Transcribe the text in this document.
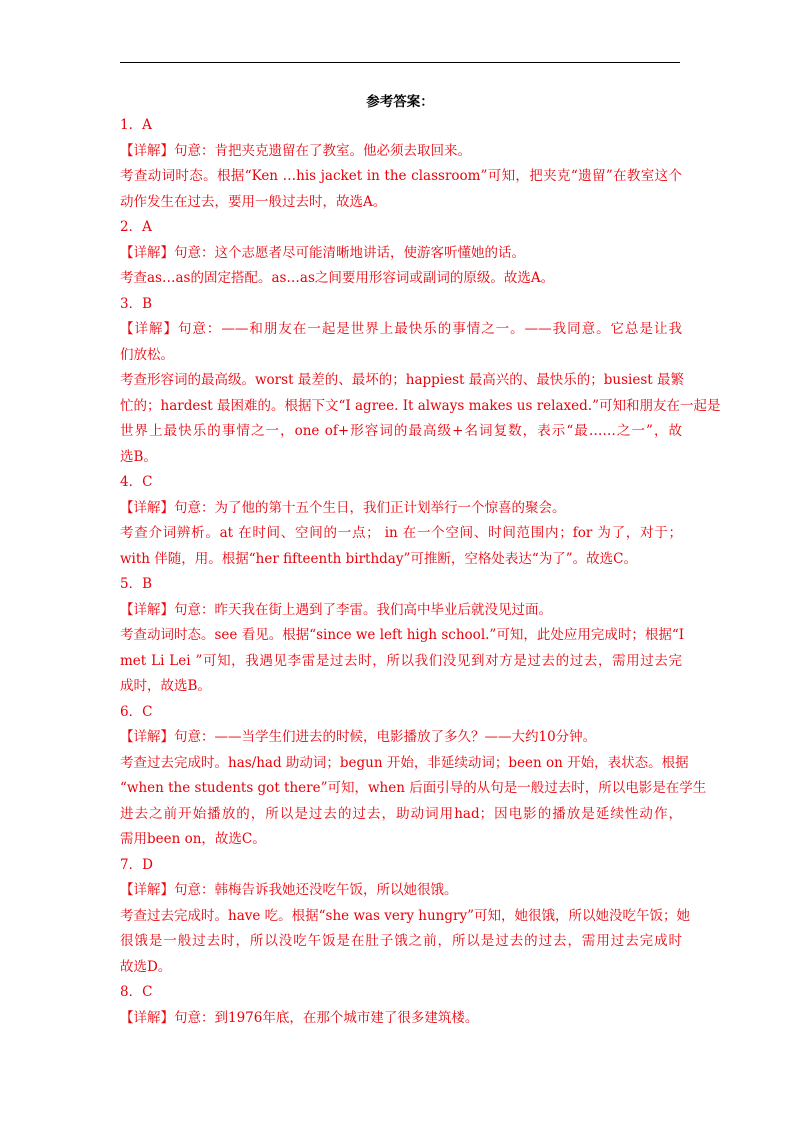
参考答案：
1．A
【详解】句意：肯把夹克遗留在了教室。他必须去取回来。
考查动词时态。根据“Ken …his jacket in the classroom”可知，把夹克“遗留”在教室这个
动作发生在过去，要用一般过去时，故选A。
2．A
【详解】句意：这个志愿者尽可能清晰地讲话，使游客听懂她的话。
考查as…as的固定搭配。as…as之间要用形容词或副词的原级。故选A。
3．B
【详解】句意：——和朋友在一起是世界上最快乐的事情之一。——我同意。它总是让我
们放松。
考查形容词的最高级。worst 最差的、最坏的；happiest 最高兴的、最快乐的；busiest 最繁
忙的；hardest 最困难的。根据下文“I agree. It always makes us relaxed.”可知和朋友在一起是
世界上最快乐的事情之一，one of+形容词的最高级+名词复数，表示“最……之一”，故
选B。
4．C
【详解】句意：为了他的第十五个生日，我们正计划举行一个惊喜的聚会。
考查介词辨析。at 在时间、空间的一点； in 在一个空间、时间范围内；for 为了，对于；
with 伴随，用。根据“her fifteenth birthday”可推断，空格处表达“为了”。故选C。
5．B
【详解】句意：昨天我在街上遇到了李雷。我们高中毕业后就没见过面。
考查动词时态。see 看见。根据“since we left high school.”可知，此处应用完成时；根据“I
met Li Lei ”可知，我遇见李雷是过去时，所以我们没见到对方是过去的过去，需用过去完
成时，故选B。
6．C
【详解】句意：——当学生们进去的时候，电影播放了多久？——大约10分钟。
考查过去完成时。has/had 助动词；begun 开始，非延续动词；been on 开始，表状态。根据
“when the students got there”可知，when 后面引导的从句是一般过去时，所以电影是在学生
进去之前开始播放的，所以是过去的过去，助动词用had；因电影的播放是延续性动作，
需用been on，故选C。
7．D
【详解】句意：韩梅告诉我她还没吃午饭，所以她很饿。
考查过去完成时。have 吃。根据“she was very hungry”可知，她很饿，所以她没吃午饭；她
很饿是一般过去时，所以没吃午饭是在肚子饿之前，所以是过去的过去，需用过去完成时
故选D。
8．C
【详解】句意：到1976年底，在那个城市建了很多建筑楼。
